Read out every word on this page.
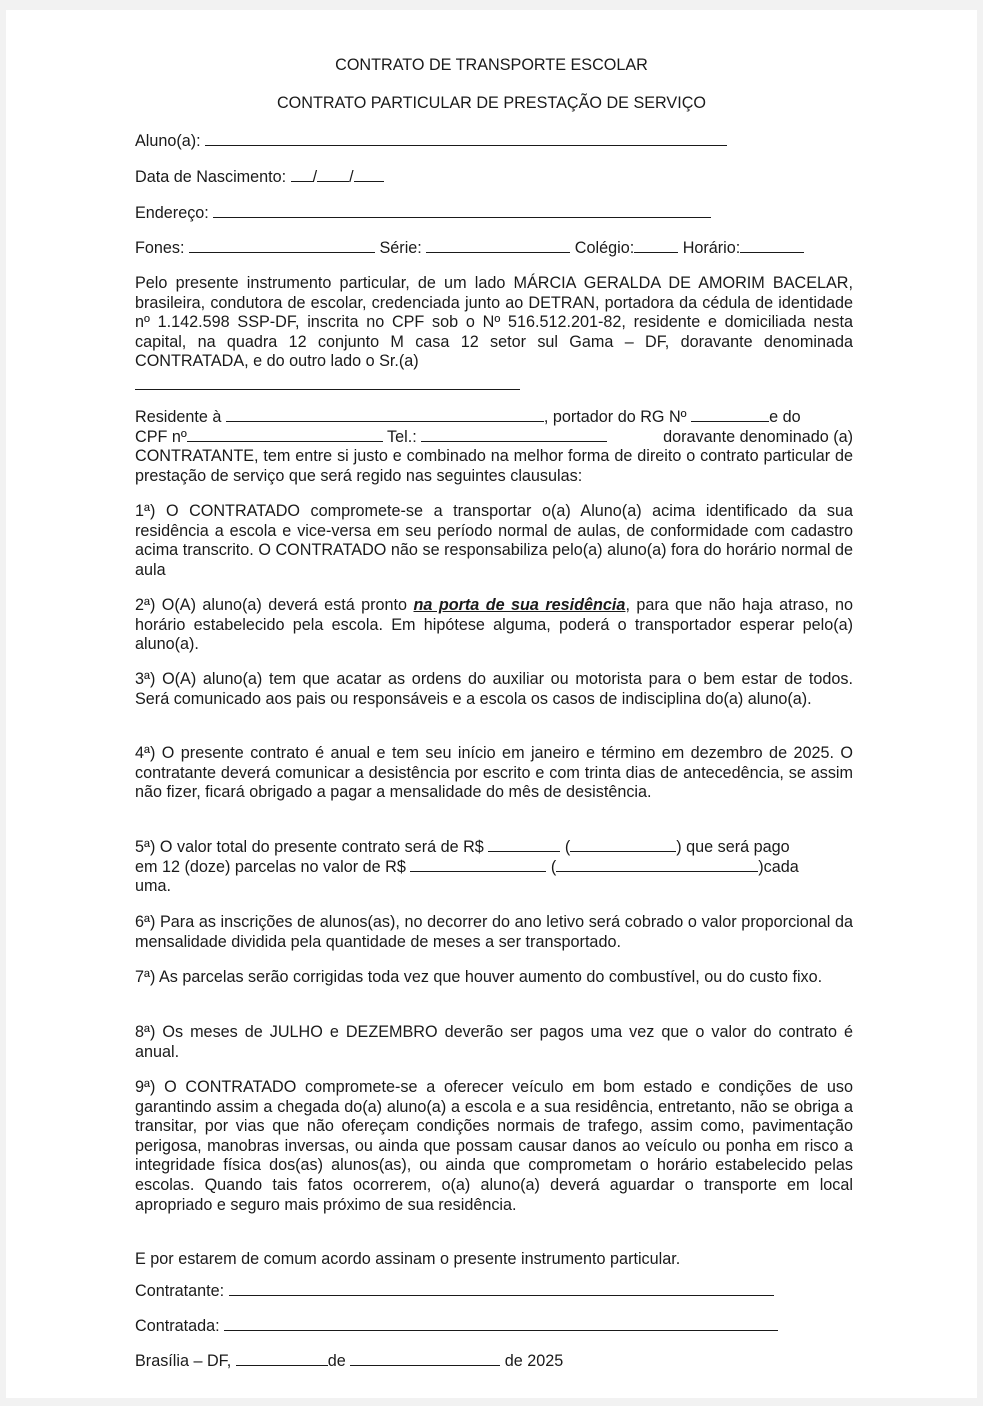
CONTRATO DE TRANSPORTE ESCOLAR
CONTRATO PARTICULAR DE PRESTAÇÃO DE SERVIÇO
Aluno(a):
Data de Nascimento: / /
Endereço:
Fones:	Série:	Colégio:	Horário:
Pelo presente instrumento particular, de um lado MÁRCIA GERALDA DE AMORIM BACELAR, brasileira, condutora de escolar, credenciada junto ao DETRAN, portadora da cédula de identidade nº 1.142.598 SSP-DF, inscrita no CPF sob o Nº 516.512.201-82, residente e domiciliada nesta capital, na quadra 12 conjunto M casa 12 setor sul Gama – DF, doravante denominada CONTRATADA, e do outro lado o Sr.(a)
Residente à	, portador do RG Nº	e do
CPF nº	Tel.:	doravante denominado (a)
CONTRATANTE, tem entre si justo e combinado na melhor forma de direito o contrato particular de prestação de serviço que será regido nas seguintes clausulas:
1ª) O CONTRATADO compromete-se a transportar o(a) Aluno(a) acima identificado da sua residência a escola e vice-versa em seu período normal de aulas, de conformidade com cadastro acima transcrito. O CONTRATADO não se responsabiliza pelo(a) aluno(a) fora do horário normal de aula
2ª) O(A) aluno(a) deverá está pronto na porta de sua residência, para que não haja atraso, no horário estabelecido pela escola. Em hipótese alguma, poderá o transportador esperar pelo(a) aluno(a).
3ª) O(A) aluno(a) tem que acatar as ordens do auxiliar ou motorista para o bem estar de todos. Será comunicado aos pais ou responsáveis e a escola os casos de indisciplina do(a) aluno(a).
4ª) O presente contrato é anual e tem seu início em janeiro e término em dezembro de 2025. O contratante deverá comunicar a desistência por escrito e com trinta dias de antecedência, se assim não fizer, ficará obrigado a pagar a mensalidade do mês de desistência.
5ª) O valor total do presente contrato será de R$	(	) que será pago
em 12 (doze) parcelas no valor de R$	(	)cada
uma.
6ª) Para as inscrições de alunos(as), no decorrer do ano letivo será cobrado o valor proporcional da mensalidade dividida pela quantidade de meses a ser transportado.
7ª) As parcelas serão corrigidas toda vez que houver aumento do combustível, ou do custo fixo.
8ª) Os meses de JULHO e DEZEMBRO deverão ser pagos uma vez que o valor do contrato é anual.
9ª) O CONTRATADO compromete-se a oferecer veículo em bom estado e condições de uso garantindo assim a chegada do(a) aluno(a) a escola e a sua residência, entretanto, não se obriga a transitar, por vias que não ofereçam condições normais de trafego, assim como, pavimentação perigosa, manobras inversas, ou ainda que possam causar danos ao veículo ou ponha em risco a integridade física dos(as) alunos(as), ou ainda que comprometam o horário estabelecido pelas escolas. Quando tais fatos ocorrerem, o(a) aluno(a) deverá aguardar o transporte em local apropriado e seguro mais próximo de sua residência.
E por estarem de comum acordo assinam o presente instrumento particular.
Contratante:
Contratada:
Brasília – DF,	de	de 2025
